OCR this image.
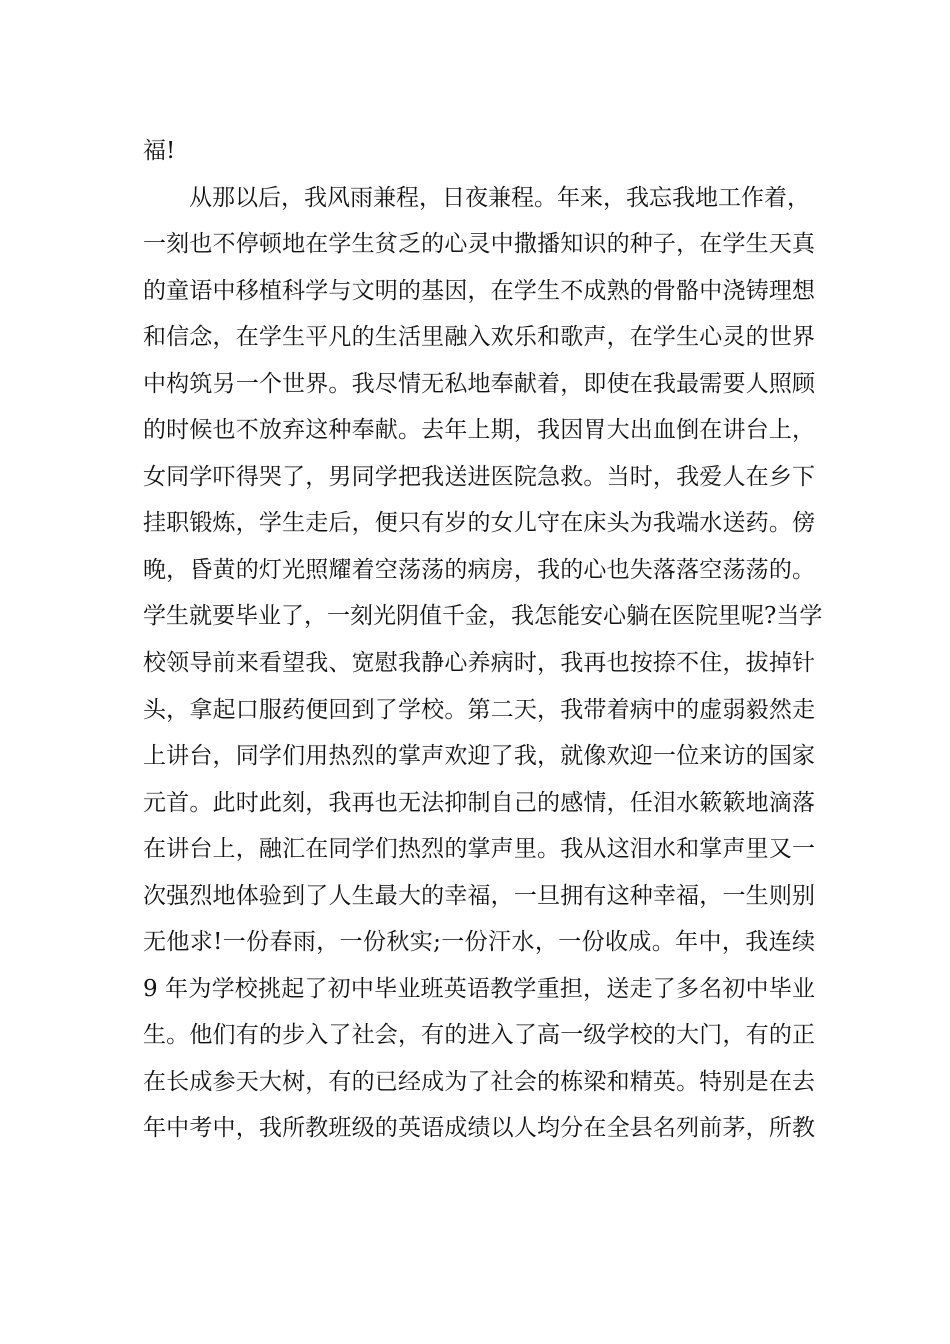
福!
从那以后，我风雨兼程，日夜兼程。年来，我忘我地工作着，
一刻也不停顿地在学生贫乏的心灵中撒播知识的种子，在学生天真
的童语中移植科学与文明的基因，在学生不成熟的骨骼中浇铸理想
和信念，在学生平凡的生活里融入欢乐和歌声，在学生心灵的世界
中构筑另一个世界。我尽情无私地奉献着，即使在我最需要人照顾
的时候也不放弃这种奉献。去年上期，我因胃大出血倒在讲台上，
女同学吓得哭了，男同学把我送进医院急救。当时，我爱人在乡下
挂职锻炼，学生走后，便只有岁的女儿守在床头为我端水送药。傍
晚，昏黄的灯光照耀着空荡荡的病房，我的心也失落落空荡荡的。
学生就要毕业了，一刻光阴值千金，我怎能安心躺在医院里呢?当学
校领导前来看望我、宽慰我静心养病时，我再也按捺不住，拔掉针
头，拿起口服药便回到了学校。第二天，我带着病中的虚弱毅然走
上讲台，同学们用热烈的掌声欢迎了我，就像欢迎一位来访的国家
元首。此时此刻，我再也无法抑制自己的感情，任泪水簌簌地滴落
在讲台上，融汇在同学们热烈的掌声里。我从这泪水和掌声里又一
次强烈地体验到了人生最大的幸福，一旦拥有这种幸福，一生则别
无他求!一份春雨，一份秋实;一份汗水，一份收成。年中，我连续
9 年为学校挑起了初中毕业班英语教学重担，送走了多名初中毕业
生。他们有的步入了社会，有的进入了高一级学校的大门，有的正
在长成参天大树，有的已经成为了社会的栋梁和精英。特别是在去
年中考中，我所教班级的英语成绩以人均分在全县名列前茅，所教
